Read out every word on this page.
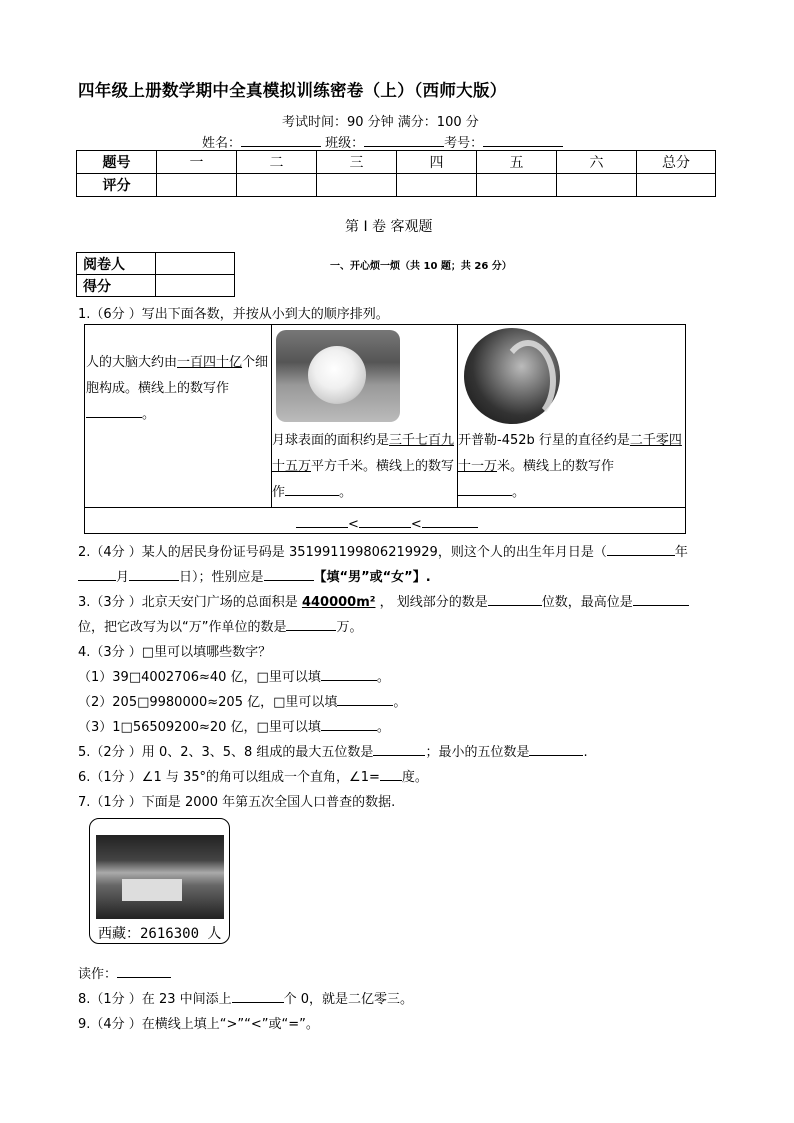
四年级上册数学期中全真模拟训练密卷（上）（西师大版）
考试时间：90 分钟 满分：100 分
姓名：	班级：	考号：
题号	一	二	三	四	五	六	总分
评分							
第 I 卷 客观题
阅卷人	
得分	
一、开心烦一烦（共 10 题；共 26 分）
1.（6分 ）写出下面各数，并按从小到大的顺序排列。
人的大脑大约由一百四十亿个细胞构成。横线上的数写作
。
月球表面的面积约是三千七百九十五万平方千米。横线上的数写作	。
开普勒-452b 行星的直径约是二千零四十一万米。横线上的数写作
。
<	<
2.（4分 ）某人的居民身份证号码是 351991199806219929，则这个人的出生年月日是（	年
月	日）；性别应是	【填“男”或“女”】.
3.（3分 ）北京天安门广场的总面积是 440000m² ， 划线部分的数是	位数，最高位是
位，把它改写为以“万”作单位的数是	万。
4.（3分 ）□里可以填哪些数字？
（1）39□4002706≈40 亿，□里可以填	。
（2）205□9980000≈205 亿，□里可以填	。
（3）1□56509200≈20 亿，□里可以填	。
5.（2分 ）用 0、2、3、5、8 组成的最大五位数是	；最小的五位数是	.
6.（1分 ）∠1 与 35°的角可以组成一个直角，∠1= 度。
7.（1分 ）下面是 2000 年第五次全国人口普查的数据.
西藏：2616300 人
读作：
8.（1分 ）在 23 中间添上	个 0，就是二亿零三。
9.（4分 ）在横线上填上“>”“<”或“=”。
